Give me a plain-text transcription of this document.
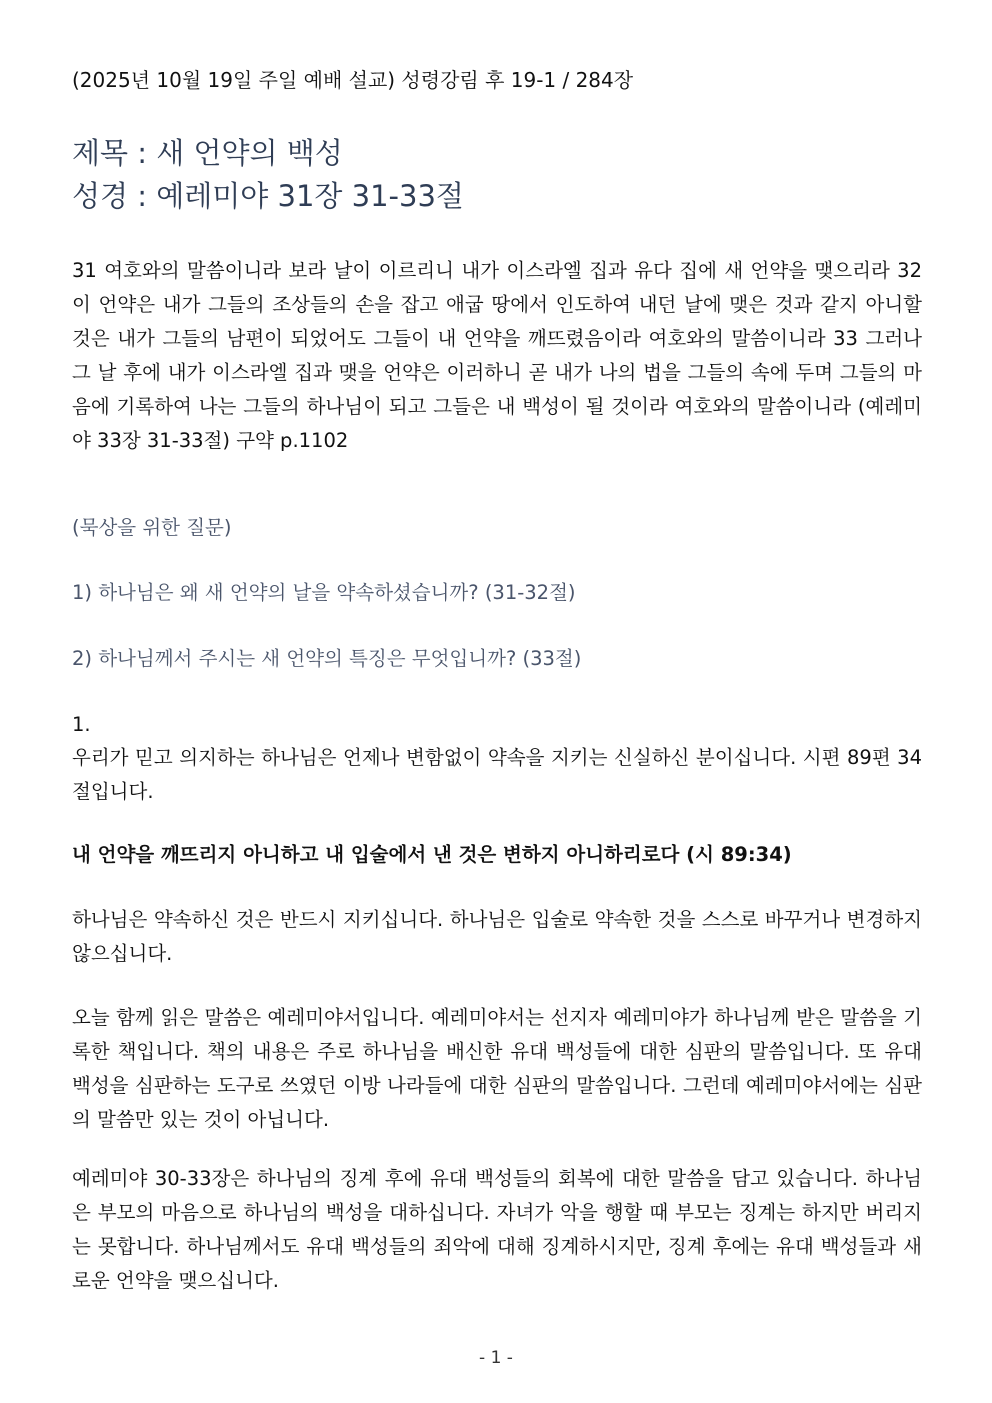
(2025년 10월 19일 주일 예배 설교) 성령강림 후 19-1 / 284장

제목 : 새 언약의 백성
성경 : 예레미야 31장 31-33절

31 여호와의 말씀이니라 보라 날이 이르리니 내가 이스라엘 집과 유다 집에 새 언약을 맺으리라 32 이 언약은 내가 그들의 조상들의 손을 잡고 애굽 땅에서 인도하여 내던 날에 맺은 것과 같지 아니할 것은 내가 그들의 남편이 되었어도 그들이 내 언약을 깨뜨렸음이라 여호와의 말씀이니라 33 그러나 그 날 후에 내가 이스라엘 집과 맺을 언약은 이러하니 곧 내가 나의 법을 그들의 속에 두며 그들의 마음에 기록하여 나는 그들의 하나님이 되고 그들은 내 백성이 될 것이라 여호와의 말씀이니라 (예레미야 33장 31-33절) 구약 p.1102

(묵상을 위한 질문)

1) 하나님은 왜 새 언약의 날을 약속하셨습니까? (31-32절)

2) 하나님께서 주시는 새 언약의 특징은 무엇입니까? (33절)

1.

우리가 믿고 의지하는 하나님은 언제나 변함없이 약속을 지키는 신실하신 분이십니다. 시편 89편 34절입니다.

내 언약을 깨뜨리지 아니하고 내 입술에서 낸 것은 변하지 아니하리로다 (시 89:34)

하나님은 약속하신 것은 반드시 지키십니다. 하나님은 입술로 약속한 것을 스스로 바꾸거나 변경하지 않으십니다.

오늘 함께 읽은 말씀은 예레미야서입니다. 예레미야서는 선지자 예레미야가 하나님께 받은 말씀을 기록한 책입니다. 책의 내용은 주로 하나님을 배신한 유대 백성들에 대한 심판의 말씀입니다. 또 유대 백성을 심판하는 도구로 쓰였던 이방 나라들에 대한 심판의 말씀입니다. 그런데 예레미야서에는 심판의 말씀만 있는 것이 아닙니다.

예레미야 30-33장은 하나님의 징계 후에 유대 백성들의 회복에 대한 말씀을 담고 있습니다. 하나님은 부모의 마음으로 하나님의 백성을 대하십니다. 자녀가 악을 행할 때 부모는 징계는 하지만 버리지는 못합니다. 하나님께서도 유대 백성들의 죄악에 대해 징계하시지만, 징계 후에는 유대 백성들과 새로운 언약을 맺으십니다.

- 1 -
